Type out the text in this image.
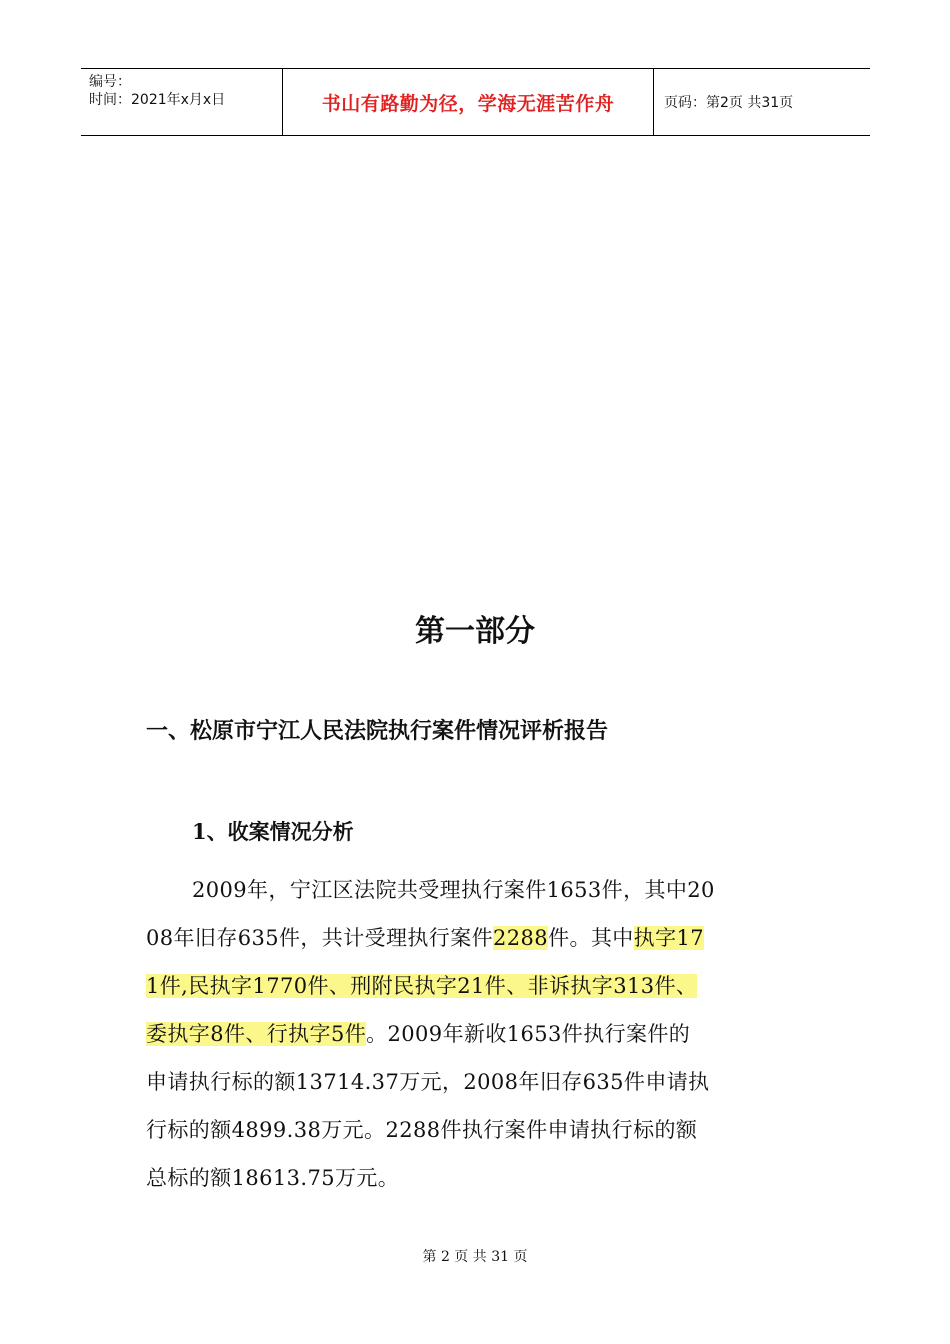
编号：
时间：2021年x月x日	书山有路勤为径，学海无涯苦作舟	页码：第2页 共31页
第一部分
一、松原市宁江人民法院执行案件情况评析报告
1、收案情况分析
2009年，宁江区法院共受理执行案件1653件，其中20
08年旧存635件，共计受理执行案件2288件。其中执字17
1件,民执字1770件、刑附民执字21件、非诉执字313件、
委执字8件、行执字5件。2009年新收1653件执行案件的
申请执行标的额13714.37万元，2008年旧存635件申请执
行标的额4899.38万元。2288件执行案件申请执行标的额
总标的额18613.75万元。
第 2 页 共 31 页
